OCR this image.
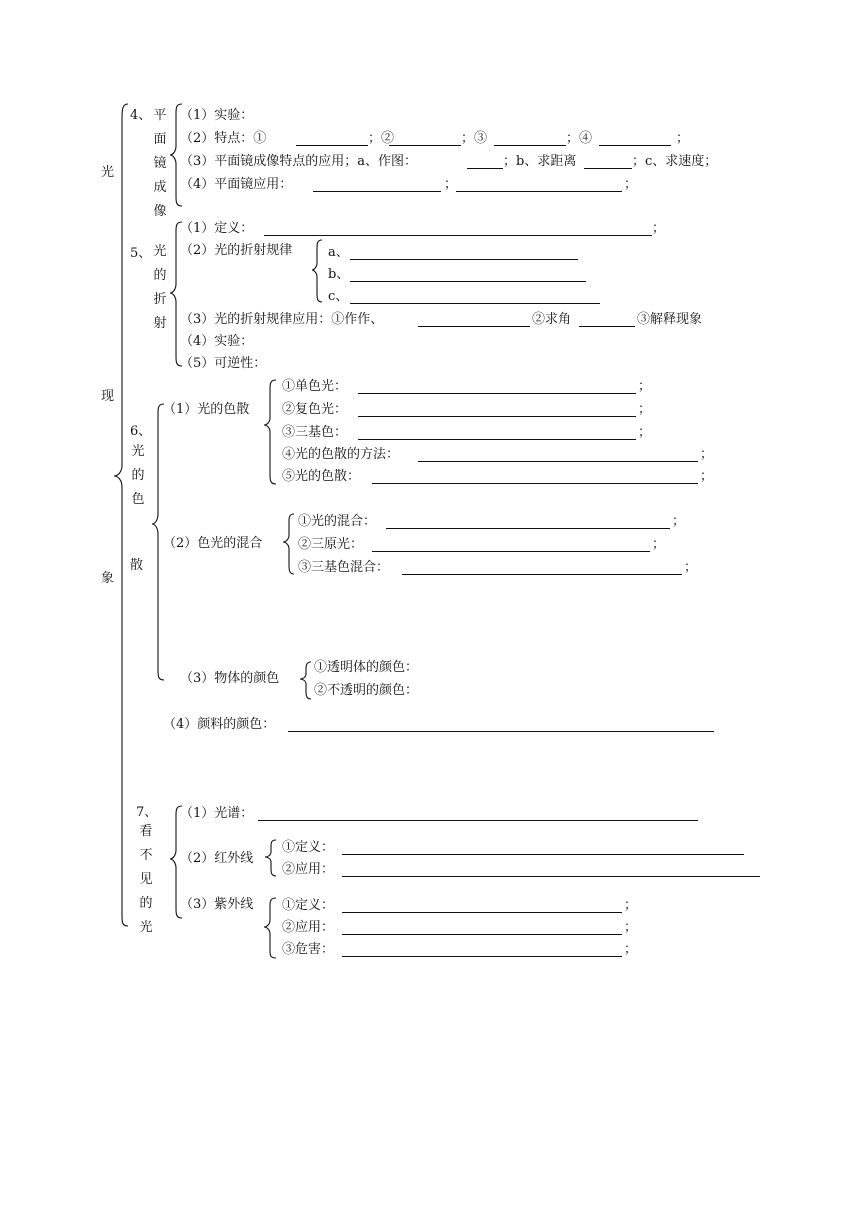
光
现
象
4、 平
面
镜
成
像
（1）实验：
（2）特点：①	；②	；③	；④	；
（3）平面镜成像特点的应用；a、作图：	；b、求距离	；c、求速度；
（4）平面镜应用：	；	；
5、 光
的
折
射
（1）定义：	；
（2）光的折射规律	a、
b、
c、
（3）光的折射规律应用：①作作、	②求角	③解释现象
（4）实验：
（5）可逆性：
6、
光
的
色
散
（1）光的色散
①单色光：	；
②复色光：	；
③三基色：	；
④光的色散的方法：	；
⑤光的色散：	；
（2）色光的混合
①光的混合：	；
②三原光：	；
③三基色混合：	；
（3）物体的颜色
①透明体的颜色：
②不透明的颜色：
（4）颜料的颜色：
7、
看
不
见
的
光
（1）光谱：
（2）红外线
①定义：
②应用：
（3）紫外线 ①定义：	；
②应用：	；
③危害：	；
